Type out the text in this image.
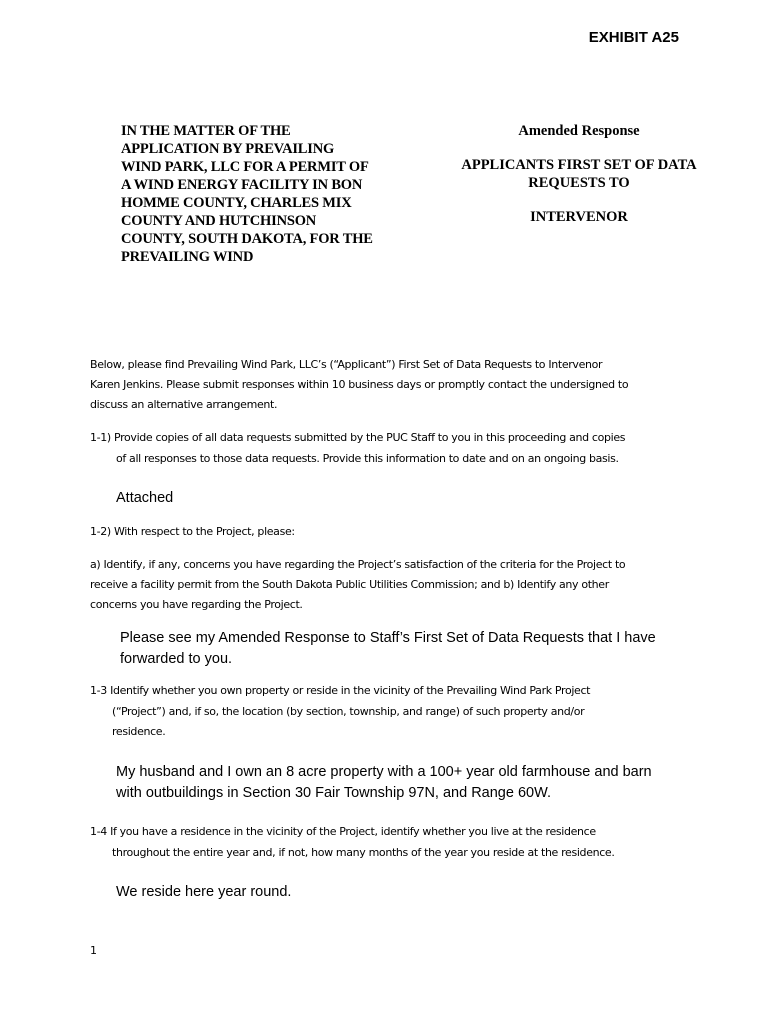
EXHIBIT A25
IN THE MATTER OF THE
APPLICATION BY PREVAILING
WIND PARK, LLC FOR A PERMIT OF
A WIND ENERGY FACILITY IN BON
HOMME COUNTY, CHARLES MIX
COUNTY AND HUTCHINSON
COUNTY, SOUTH DAKOTA, FOR THE
PREVAILING WIND
Amended Response
APPLICANTS FIRST SET OF DATA
REQUESTS TO
INTERVENOR
Below, please find Prevailing Wind Park, LLC’s (“Applicant”) First Set of Data Requests to Intervenor
Karen Jenkins. Please submit responses within 10 business days or promptly contact the undersigned to
discuss an alternative arrangement.
1-1) Provide copies of all data requests submitted by the PUC Staff to you in this proceeding and copies
of all responses to those data requests. Provide this information to date and on an ongoing basis.
Attached
1-2) With respect to the Project, please:
a) Identify, if any, concerns you have regarding the Project’s satisfaction of the criteria for the Project to
receive a facility permit from the South Dakota Public Utilities Commission; and b) Identify any other
concerns you have regarding the Project.
Please see my Amended Response to Staff’s First Set of Data Requests that I have
forwarded to you.
1-3 Identify whether you own property or reside in the vicinity of the Prevailing Wind Park Project
(“Project”) and, if so, the location (by section, township, and range) of such property and/or
residence.
My husband and I own an 8 acre property with a 100+ year old farmhouse and barn
with outbuildings in Section 30 Fair Township 97N, and Range 60W.
1-4 If you have a residence in the vicinity of the Project, identify whether you live at the residence
throughout the entire year and, if not, how many months of the year you reside at the residence.
We reside here year round.
1
